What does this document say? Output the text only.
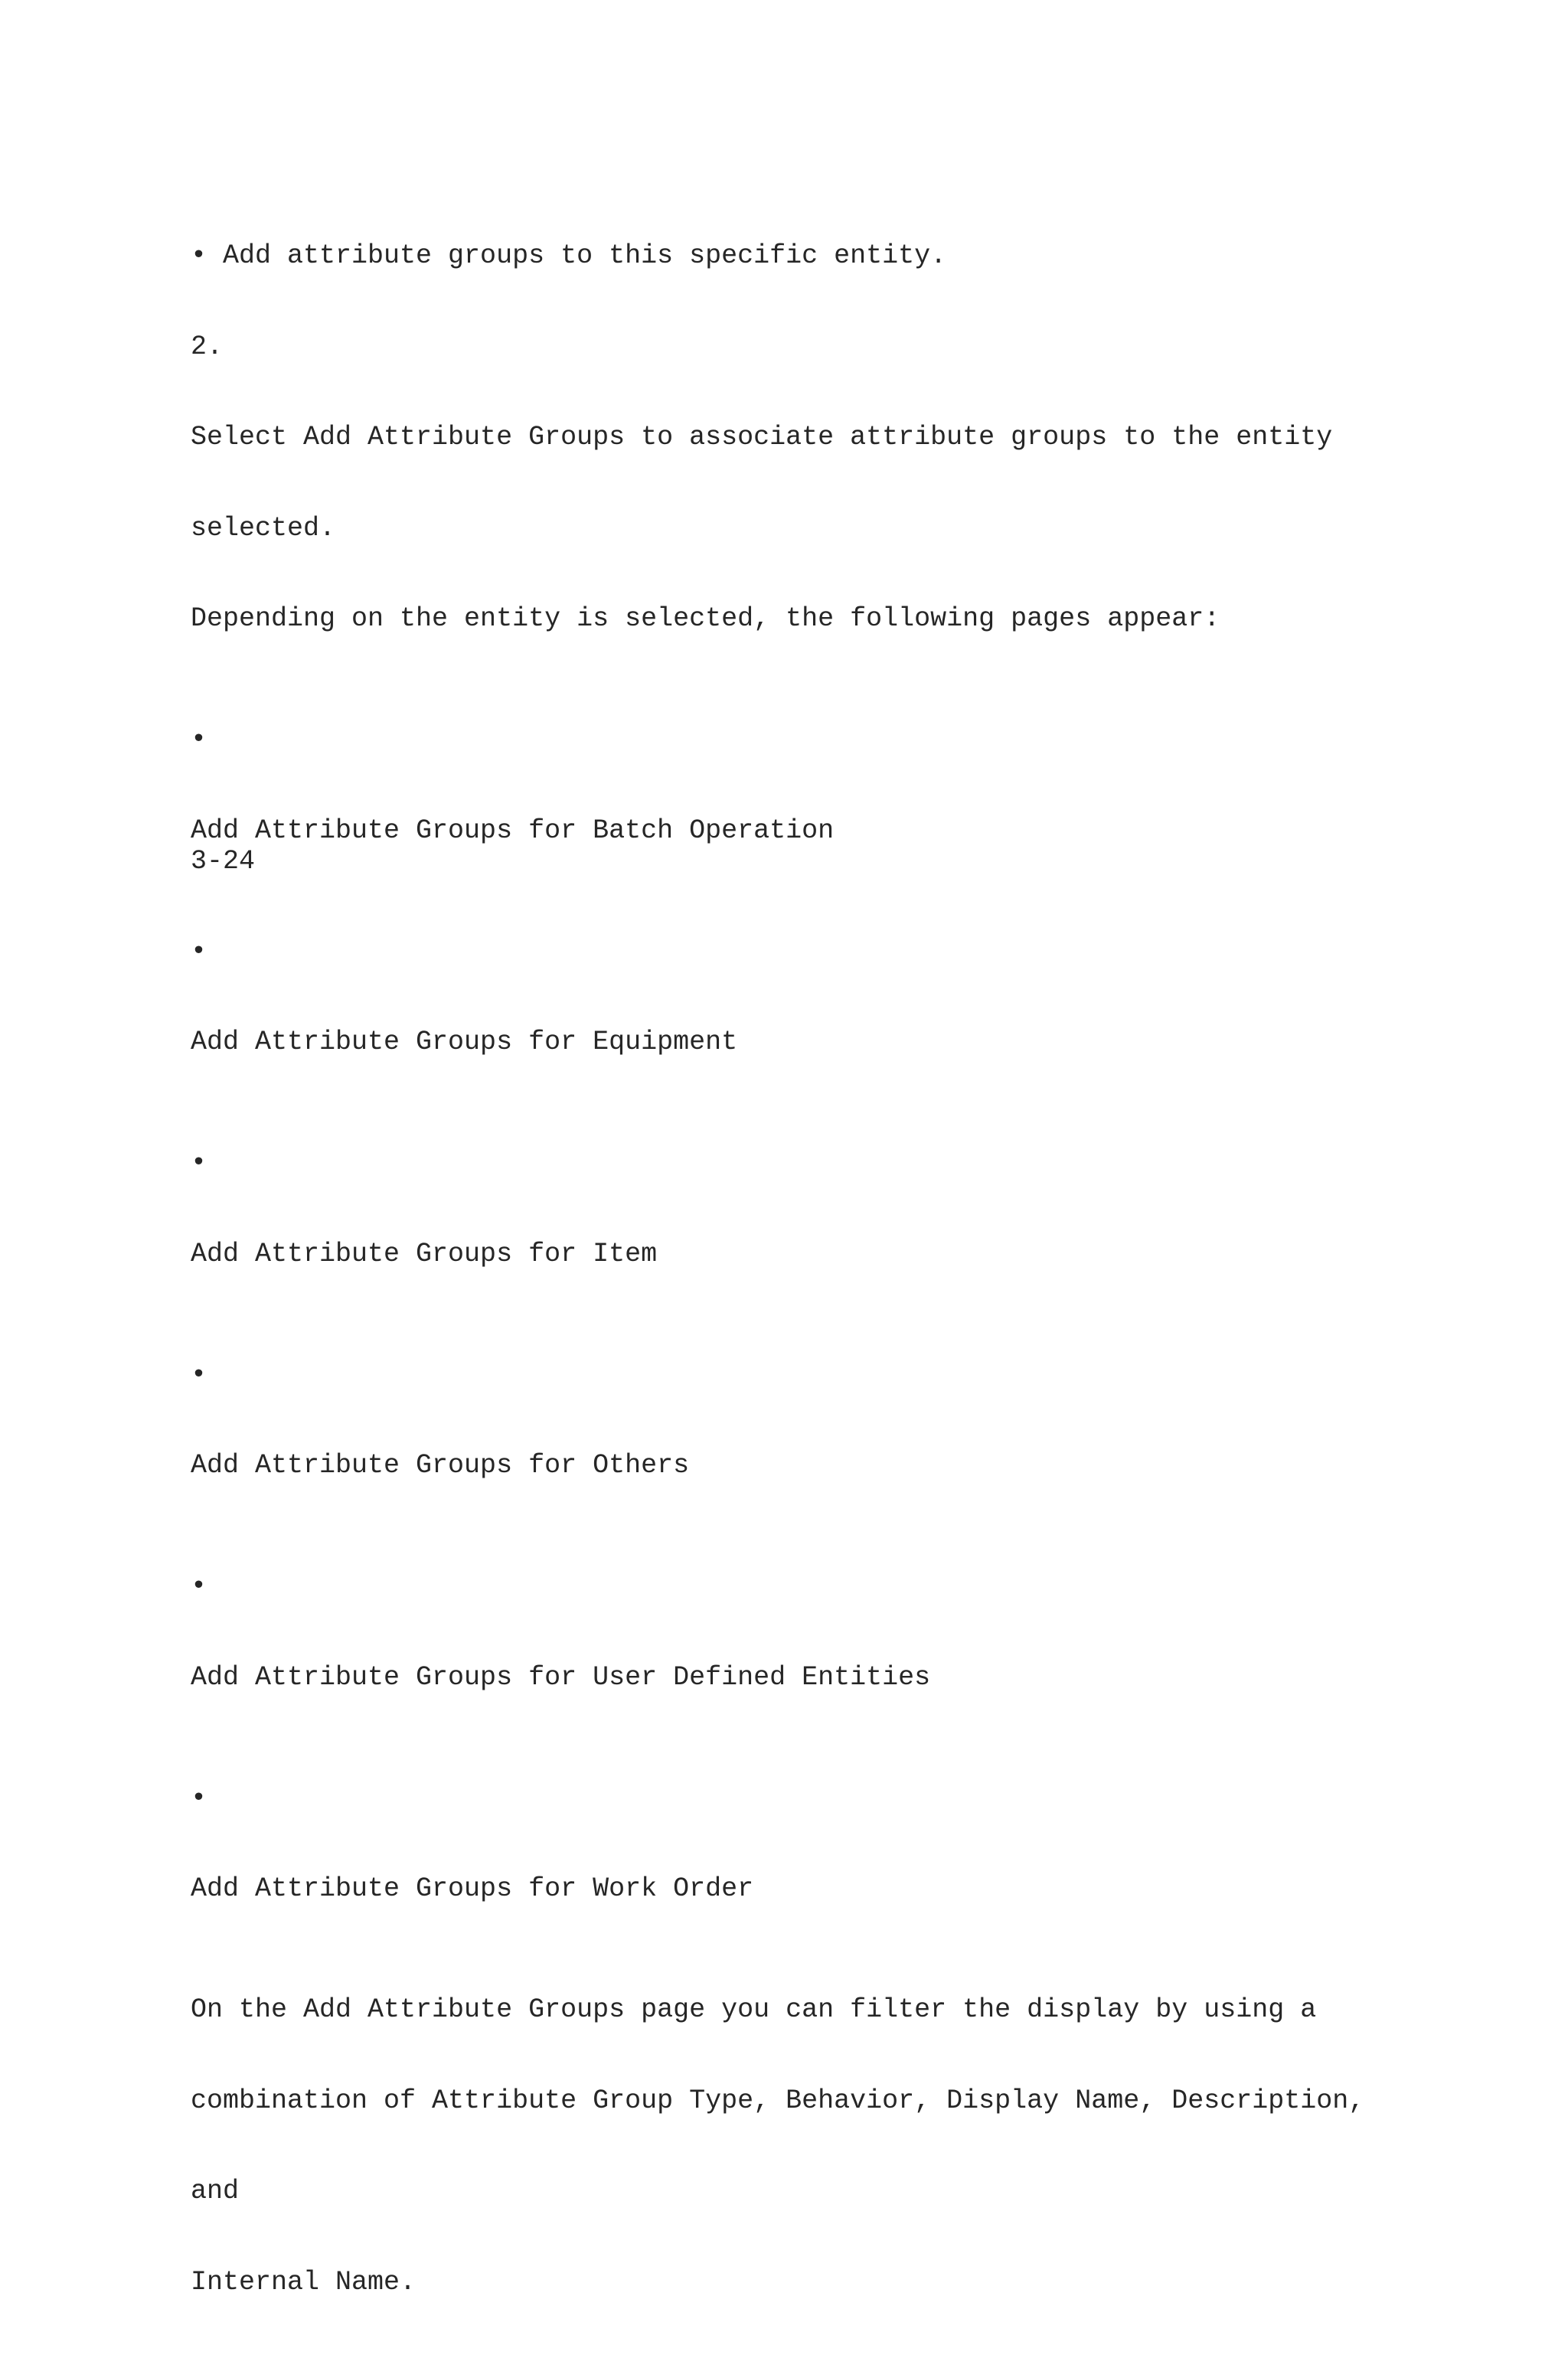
• Add attribute groups to this specific entity.

2.

Select Add Attribute Groups to associate attribute groups to the entity

selected.

Depending on the entity is selected, the following pages appear:

•

Add Attribute Groups for Batch Operation

•

Add Attribute Groups for Equipment

•

Add Attribute Groups for Item

•

Add Attribute Groups for Others

•

Add Attribute Groups for User Defined Entities

•

Add Attribute Groups for Work Order

On the Add Attribute Groups page you can filter the display by using a

combination of Attribute Group Type, Behavior, Display Name, Description,

and

Internal Name.

3-24
